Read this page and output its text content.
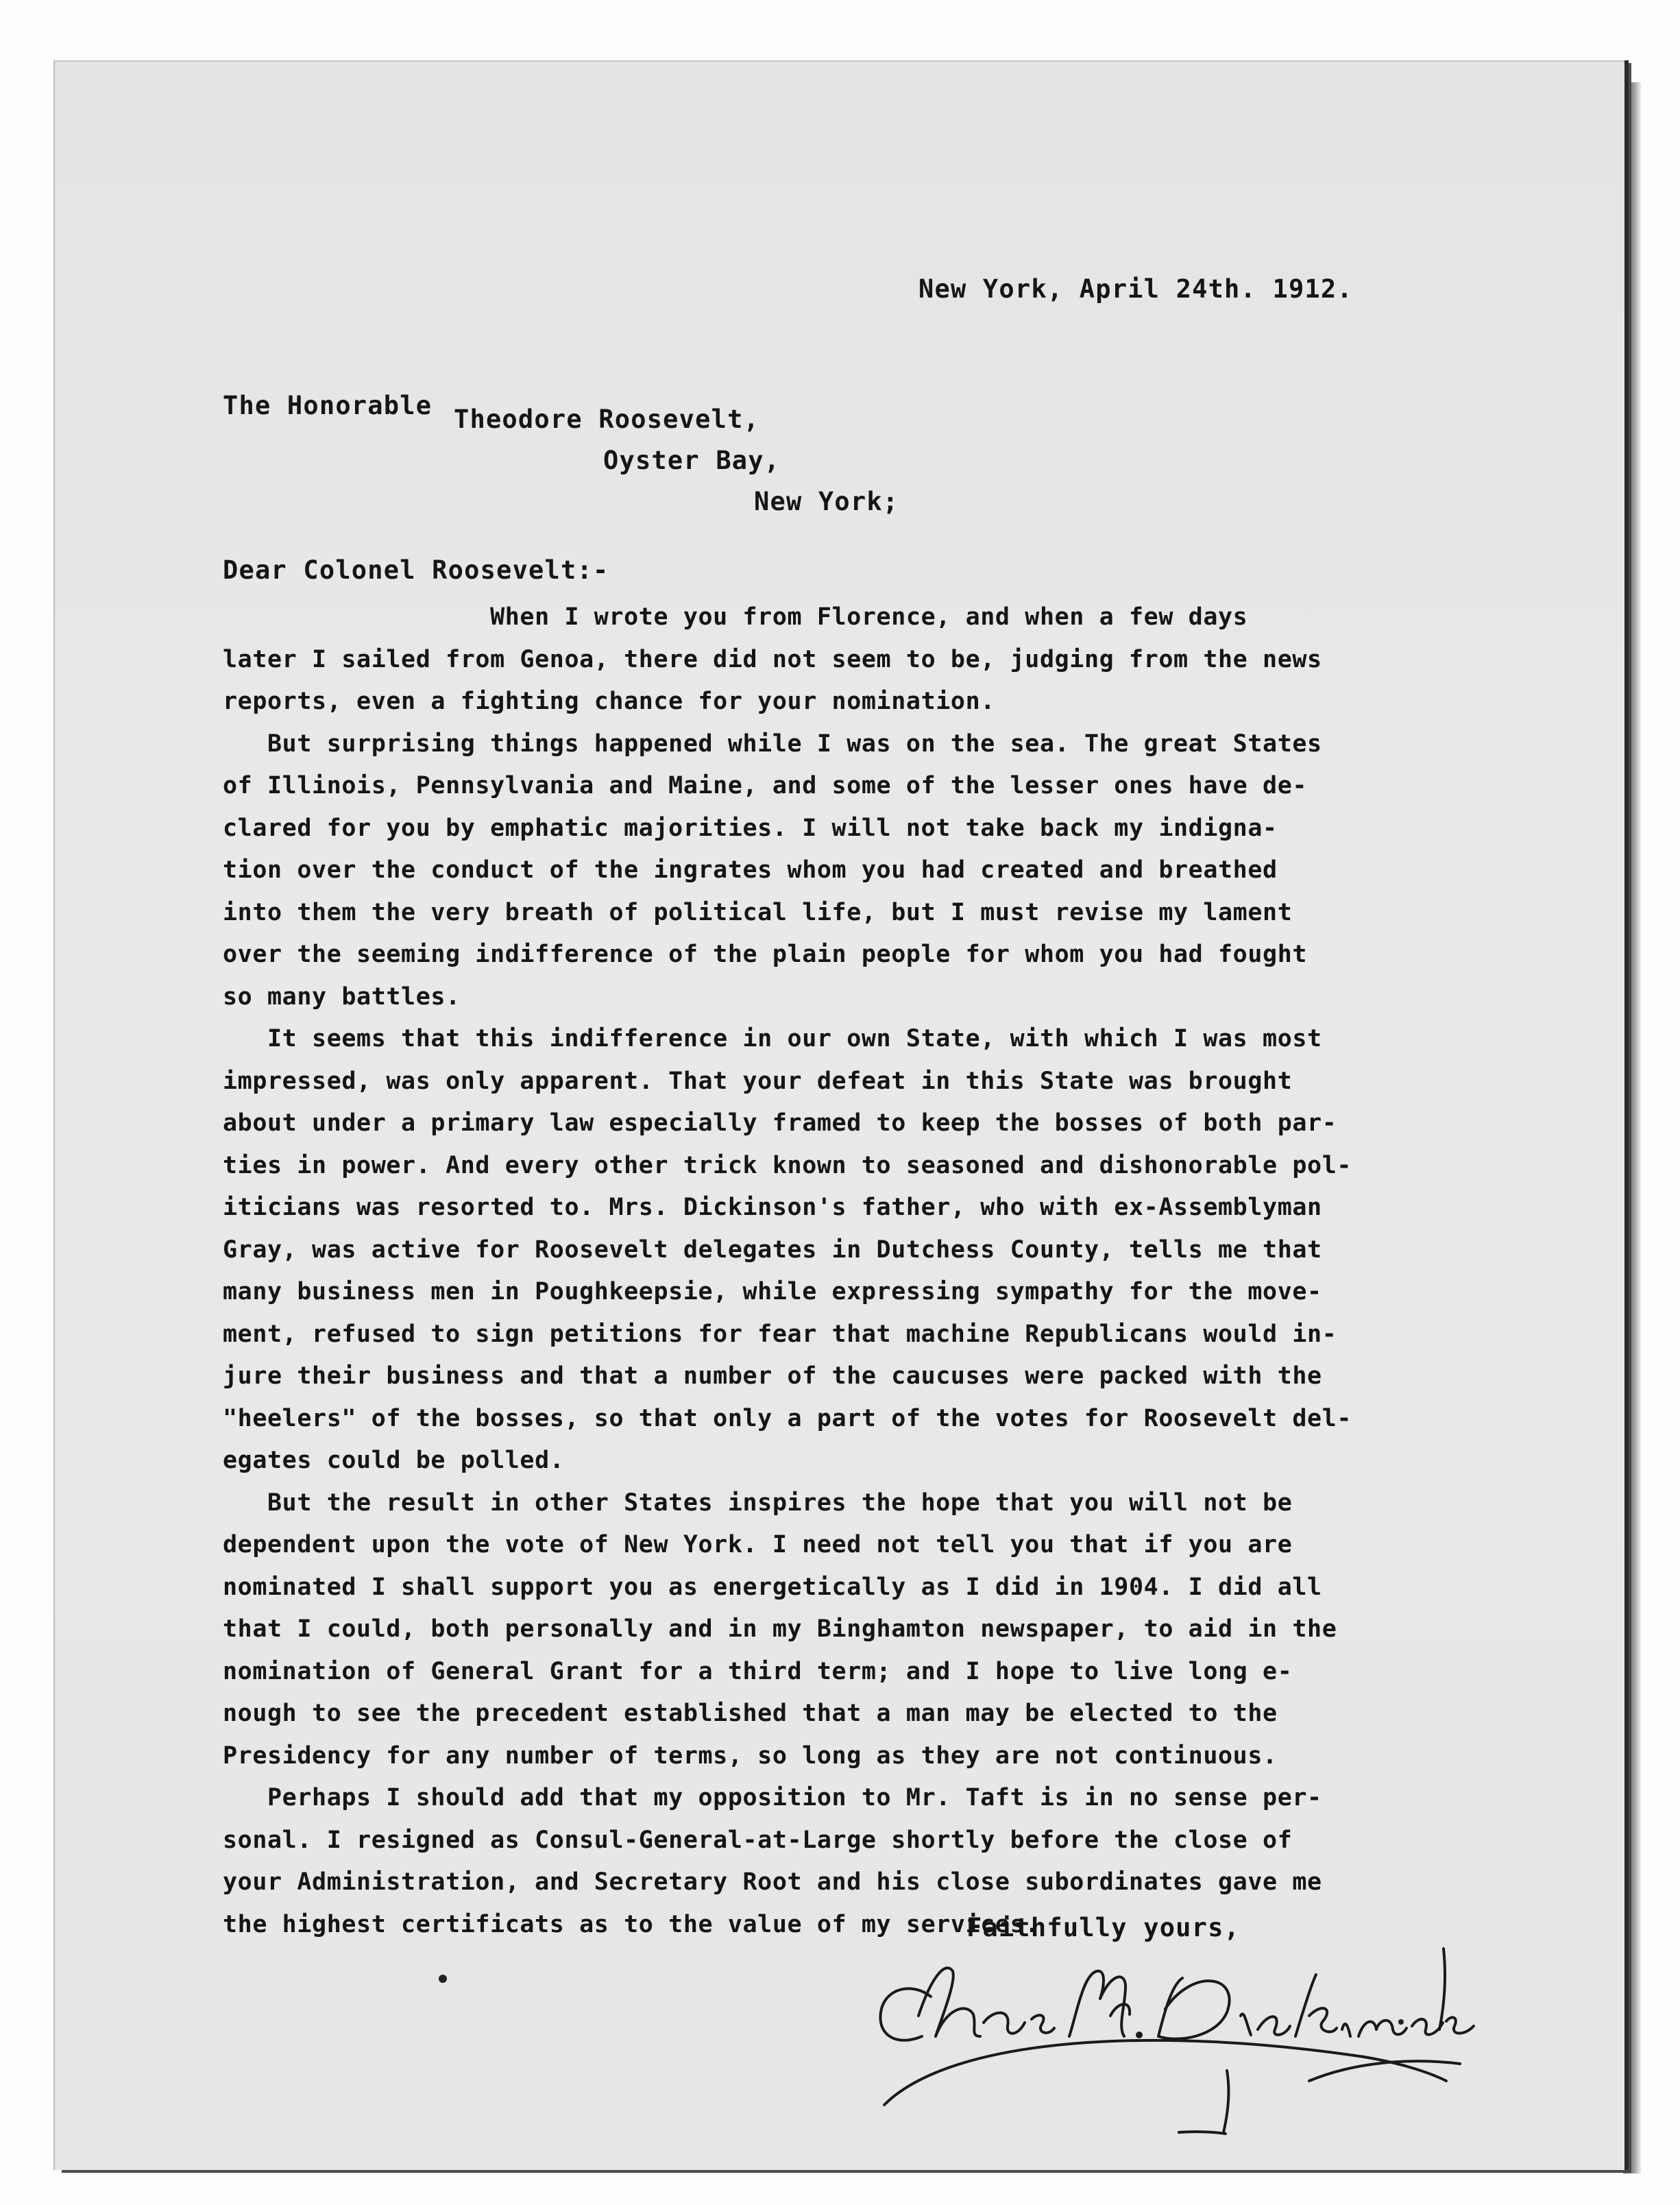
New York, April 24th. 1912.
The Honorable Theodore Roosevelt,
Oyster Bay,
New York;
Dear Colonel Roosevelt:-
When I wrote you from Florence, and when a few days
later I sailed from Genoa, there did not seem to be, judging from the news
reports, even a fighting chance for your nomination.
But surprising things happened while I was on the sea. The great States
of Illinois, Pennsylvania and Maine, and some of the lesser ones have de-
clared for you by emphatic majorities. I will not take back my indigna-
tion over the conduct of the ingrates whom you had created and breathed
into them the very breath of political life, but I must revise my lament
over the seeming indifference of the plain people for whom you had fought
so many battles.
It seems that this indifference in our own State, with which I was most
impressed, was only apparent. That your defeat in this State was brought
about under a primary law especially framed to keep the bosses of both par-
ties in power. And every other trick known to seasoned and dishonorable pol-
iticians was resorted to. Mrs. Dickinson's father, who with ex-Assemblyman
Gray, was active for Roosevelt delegates in Dutchess County, tells me that
many business men in Poughkeepsie, while expressing sympathy for the move-
ment, refused to sign petitions for fear that machine Republicans would in-
jure their business and that a number of the caucuses were packed with the
"heelers" of the bosses, so that only a part of the votes for Roosevelt del-
egates could be polled.
But the result in other States inspires the hope that you will not be
dependent upon the vote of New York. I need not tell you that if you are
nominated I shall support you as energetically as I did in 1904. I did all
that I could, both personally and in my Binghamton newspaper, to aid in the
nomination of General Grant for a third term; and I hope to live long e-
nough to see the precedent established that a man may be elected to the
Presidency for any number of terms, so long as they are not continuous.
Perhaps I should add that my opposition to Mr. Taft is in no sense per-
sonal. I resigned as Consul-General-at-Large shortly before the close of
your Administration, and Secretary Root and his close subordinates gave me
the highest certificats as to the value of my services.
Faithfully yours,
